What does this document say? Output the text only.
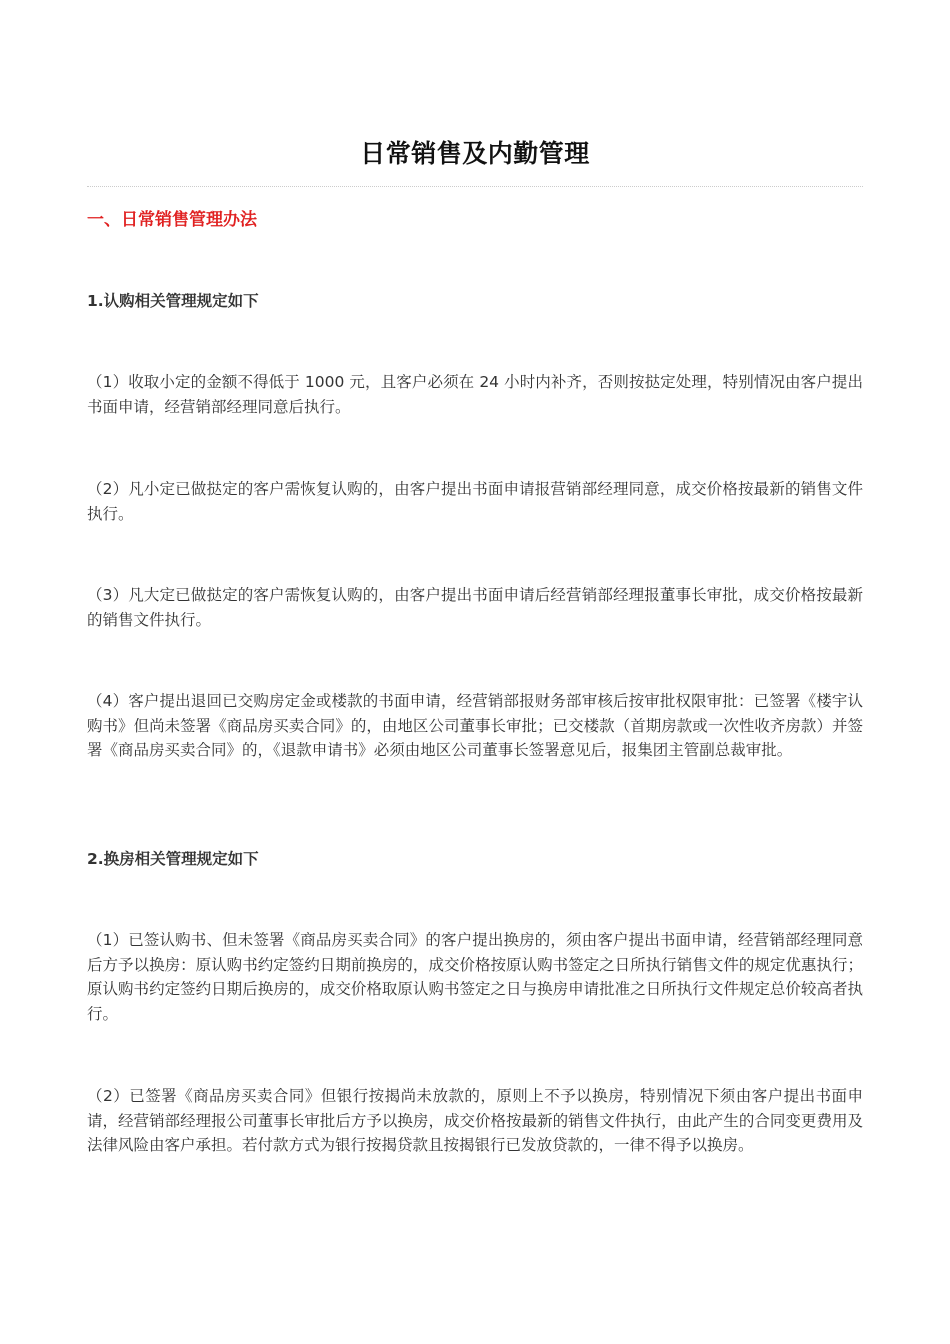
日常销售及内勤管理
一、日常销售管理办法
1.认购相关管理规定如下
（1）收取小定的金额不得低于 1000 元，且客户必须在 24 小时内补齐，否则按挞定处理，特别情况由客户提出书面申请，经营销部经理同意后执行。
（2）凡小定已做挞定的客户需恢复认购的，由客户提出书面申请报营销部经理同意，成交价格按最新的销售文件执行。
（3）凡大定已做挞定的客户需恢复认购的，由客户提出书面申请后经营销部经理报董事长审批，成交价格按最新的销售文件执行。
（4）客户提出退回已交购房定金或楼款的书面申请，经营销部报财务部审核后按审批权限审批：已签署《楼宇认购书》但尚未签署《商品房买卖合同》的，由地区公司董事长审批；已交楼款（首期房款或一次性收齐房款）并签署《商品房买卖合同》的，《退款申请书》必须由地区公司董事长签署意见后，报集团主管副总裁审批。
2.换房相关管理规定如下
（1）已签认购书、但未签署《商品房买卖合同》的客户提出换房的，须由客户提出书面申请，经营销部经理同意后方予以换房：原认购书约定签约日期前换房的，成交价格按原认购书签定之日所执行销售文件的规定优惠执行；原认购书约定签约日期后换房的，成交价格取原认购书签定之日与换房申请批准之日所执行文件规定总价较高者执行。
（2）已签署《商品房买卖合同》但银行按揭尚未放款的，原则上不予以换房，特别情况下须由客户提出书面申请，经营销部经理报公司董事长审批后方予以换房，成交价格按最新的销售文件执行，由此产生的合同变更费用及法律风险由客户承担。若付款方式为银行按揭贷款且按揭银行已发放贷款的，一律不得予以换房。
